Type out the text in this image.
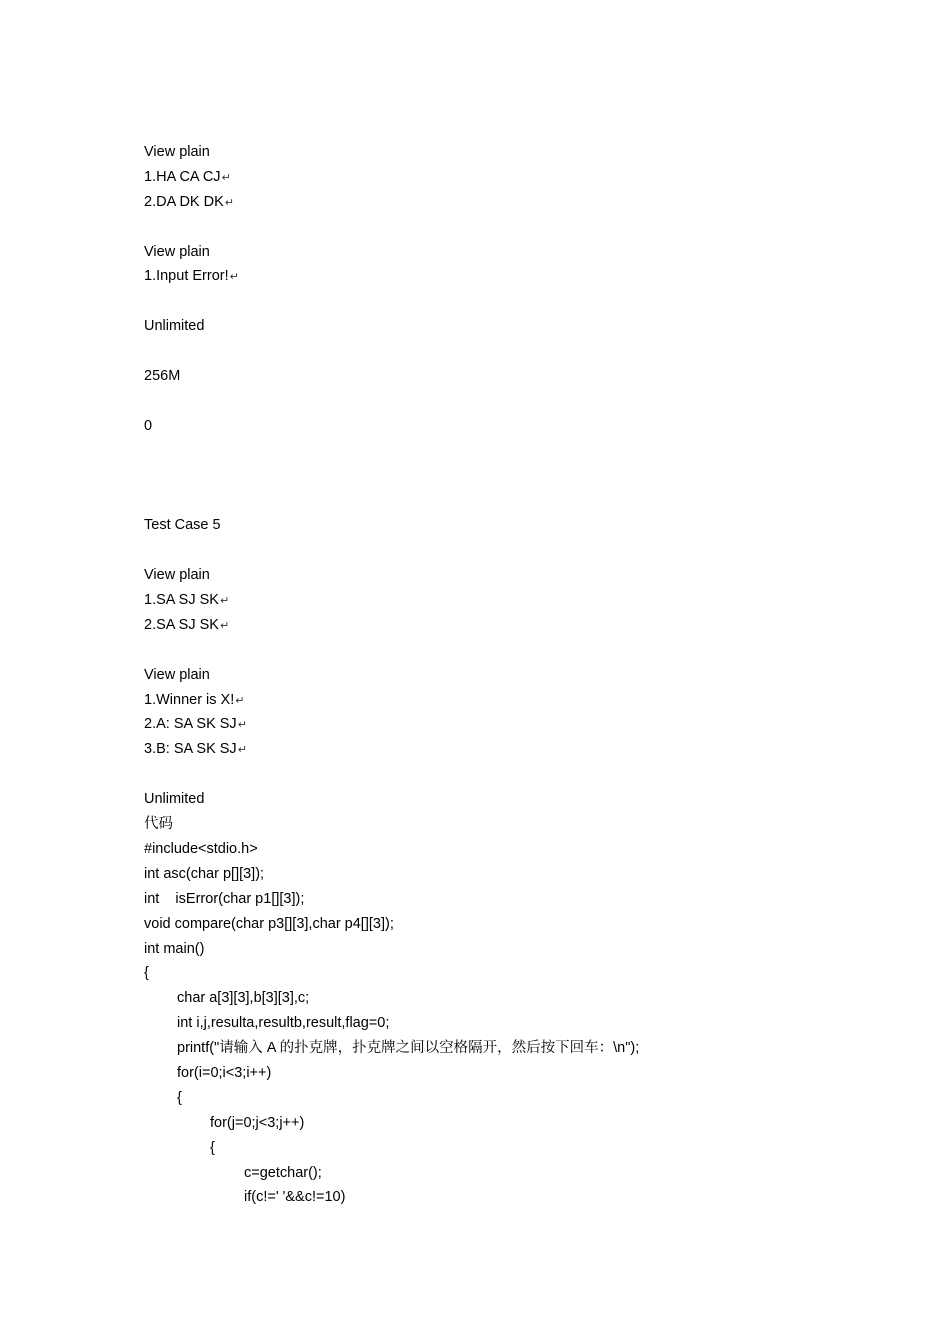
View plain
1.HA CA CJ↵
2.DA DK DK↵
View plain
1.Input Error!↵
Unlimited
256M
0
Test Case 5
View plain
1.SA SJ SK↵
2.SA SJ SK↵
View plain
1.Winner is X!↵
2.A: SA SK SJ↵
3.B: SA SK SJ↵
Unlimited
代码
#include<stdio.h>
int asc(char p[][3]);
int    isError(char p1[][3]);
void compare(char p3[][3],char p4[][3]);
int main()
{
char a[3][3],b[3][3],c;
int i,j,resulta,resultb,result,flag=0;
printf("请输入 A 的扑克牌，扑克牌之间以空格隔开，然后按下回车：\n");
for(i=0;i<3;i++)
{
for(j=0;j<3;j++)
{
c=getchar();
if(c!=' '&&c!=10)
